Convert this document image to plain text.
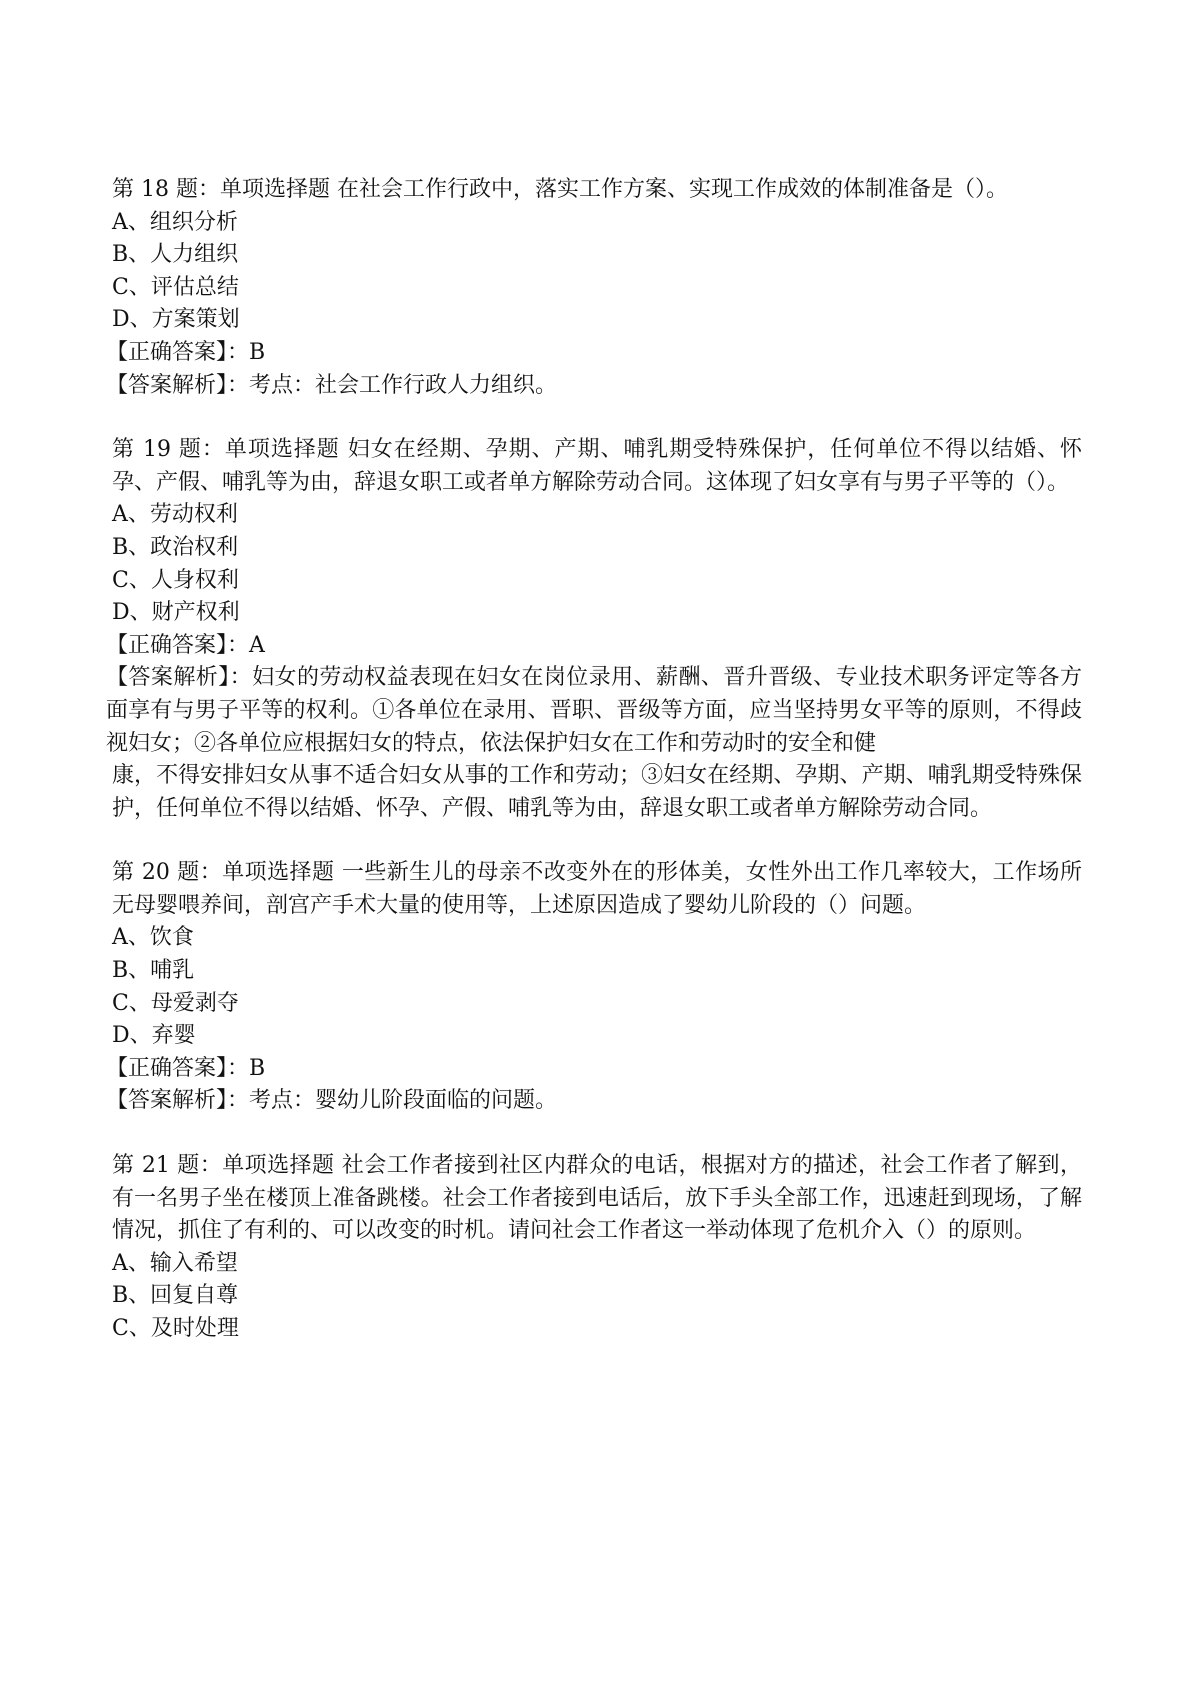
第 18 题：单项选择题 在社会工作行政中，落实工作方案、实现工作成效的体制准备是（）。
A、组织分析
B、人力组织
C、评估总结
D、方案策划
【正确答案】：B
【答案解析】：考点：社会工作行政人力组织。
第 19 题：单项选择题 妇女在经期、孕期、产期、哺乳期受特殊保护，任何单位不得以结婚、怀孕、产假、哺乳等为由，辞退女职工或者单方解除劳动合同。这体现了妇女享有与男子平等的（）。
A、劳动权利
B、政治权利
C、人身权利
D、财产权利
【正确答案】：A
【答案解析】：妇女的劳动权益表现在妇女在岗位录用、薪酬、晋升晋级、专业技术职务评定等各方面享有与男子平等的权利。①各单位在录用、晋职、晋级等方面，应当坚持男女平等的原则，不得歧视妇女；②各单位应根据妇女的特点，依法保护妇女在工作和劳动时的安全和健
康，不得安排妇女从事不适合妇女从事的工作和劳动；③妇女在经期、孕期、产期、哺乳期受特殊保护，任何单位不得以结婚、怀孕、产假、哺乳等为由，辞退女职工或者单方解除劳动合同。
第 20 题：单项选择题 一些新生儿的母亲不改变外在的形体美，女性外出工作几率较大，工作场所无母婴喂养间，剖宫产手术大量的使用等，上述原因造成了婴幼儿阶段的（）问题。
A、饮食
B、哺乳
C、母爱剥夺
D、弃婴
【正确答案】：B
【答案解析】：考点：婴幼儿阶段面临的问题。
第 21 题：单项选择题 社会工作者接到社区内群众的电话，根据对方的描述，社会工作者了解到，有一名男子坐在楼顶上准备跳楼。社会工作者接到电话后，放下手头全部工作，迅速赶到现场，了解情况，抓住了有利的、可以改变的时机。请问社会工作者这一举动体现了危机介入（）的原则。
A、输入希望
B、回复自尊
C、及时处理
